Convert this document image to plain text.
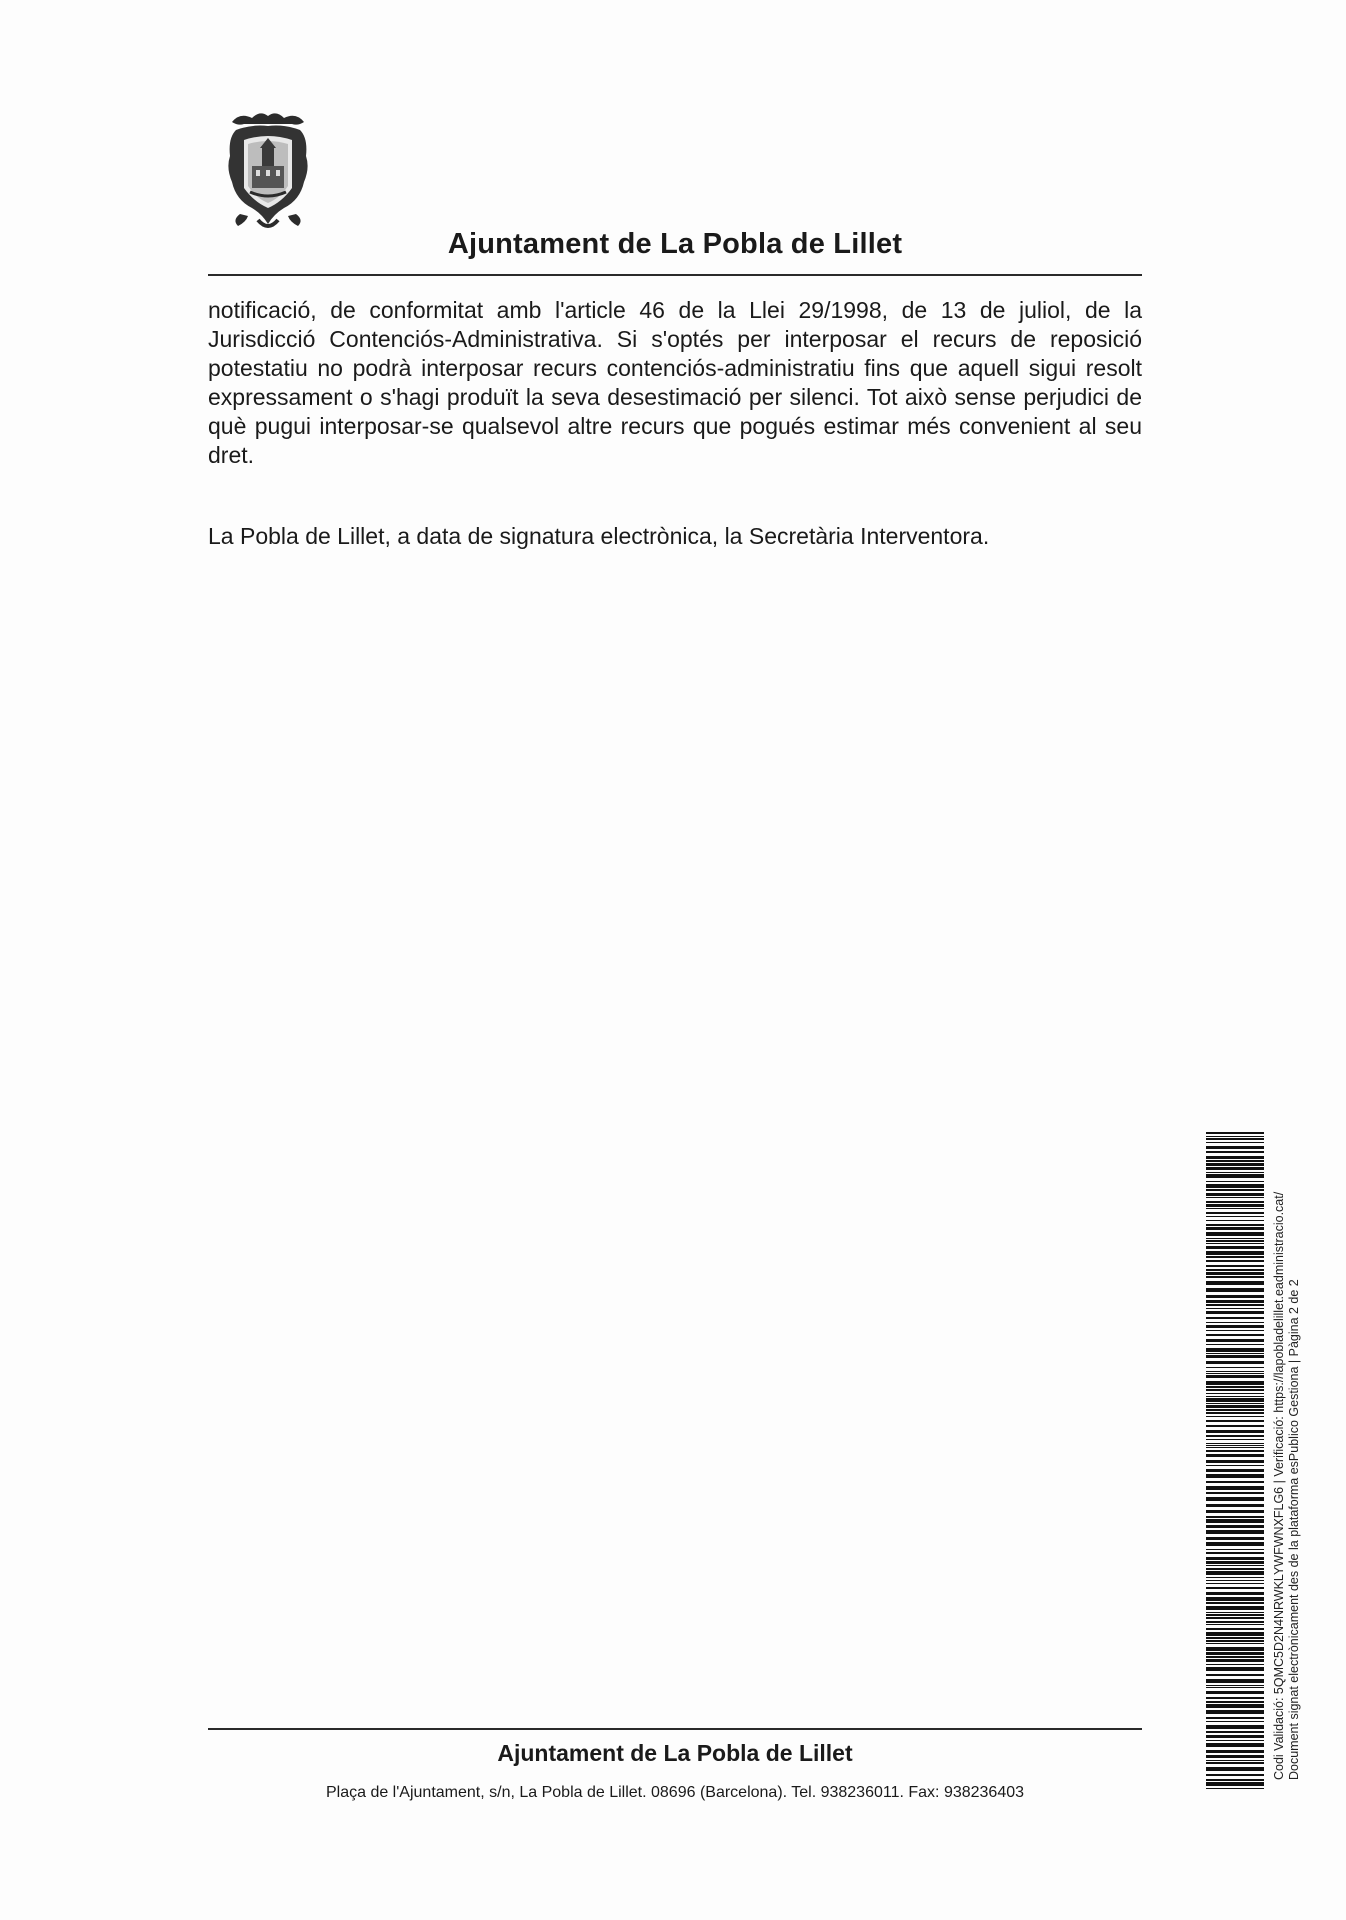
Ajuntament de La Pobla de Lillet
notificació, de conformitat amb l'article 46 de la Llei 29/1998, de 13 de juliol, de la Jurisdicció Contenciós-Administrativa. Si s'optés per interposar el recurs de reposició potestatiu no podrà interposar recurs contenciós-administratiu fins que aquell sigui resolt expressament o s'hagi produït la seva desestimació per silenci. Tot això sense perjudici de què pugui interposar-se qualsevol altre recurs que pogués estimar més convenient al seu dret.
La Pobla de Lillet, a data de signatura electrònica, la Secretària Interventora.
Ajuntament de La Pobla de Lillet
Plaça de l'Ajuntament, s/n, La Pobla de Lillet. 08696 (Barcelona). Tel. 938236011. Fax: 938236403
Codi Validació: 5QMC5D2N4NRWKLYWFWNXFLG6 | Verificació: https://lapobladelillet.eadministracio.cat/ Document signat electrònicament des de la plataforma esPublico Gestiona | Pàgina 2 de 2
